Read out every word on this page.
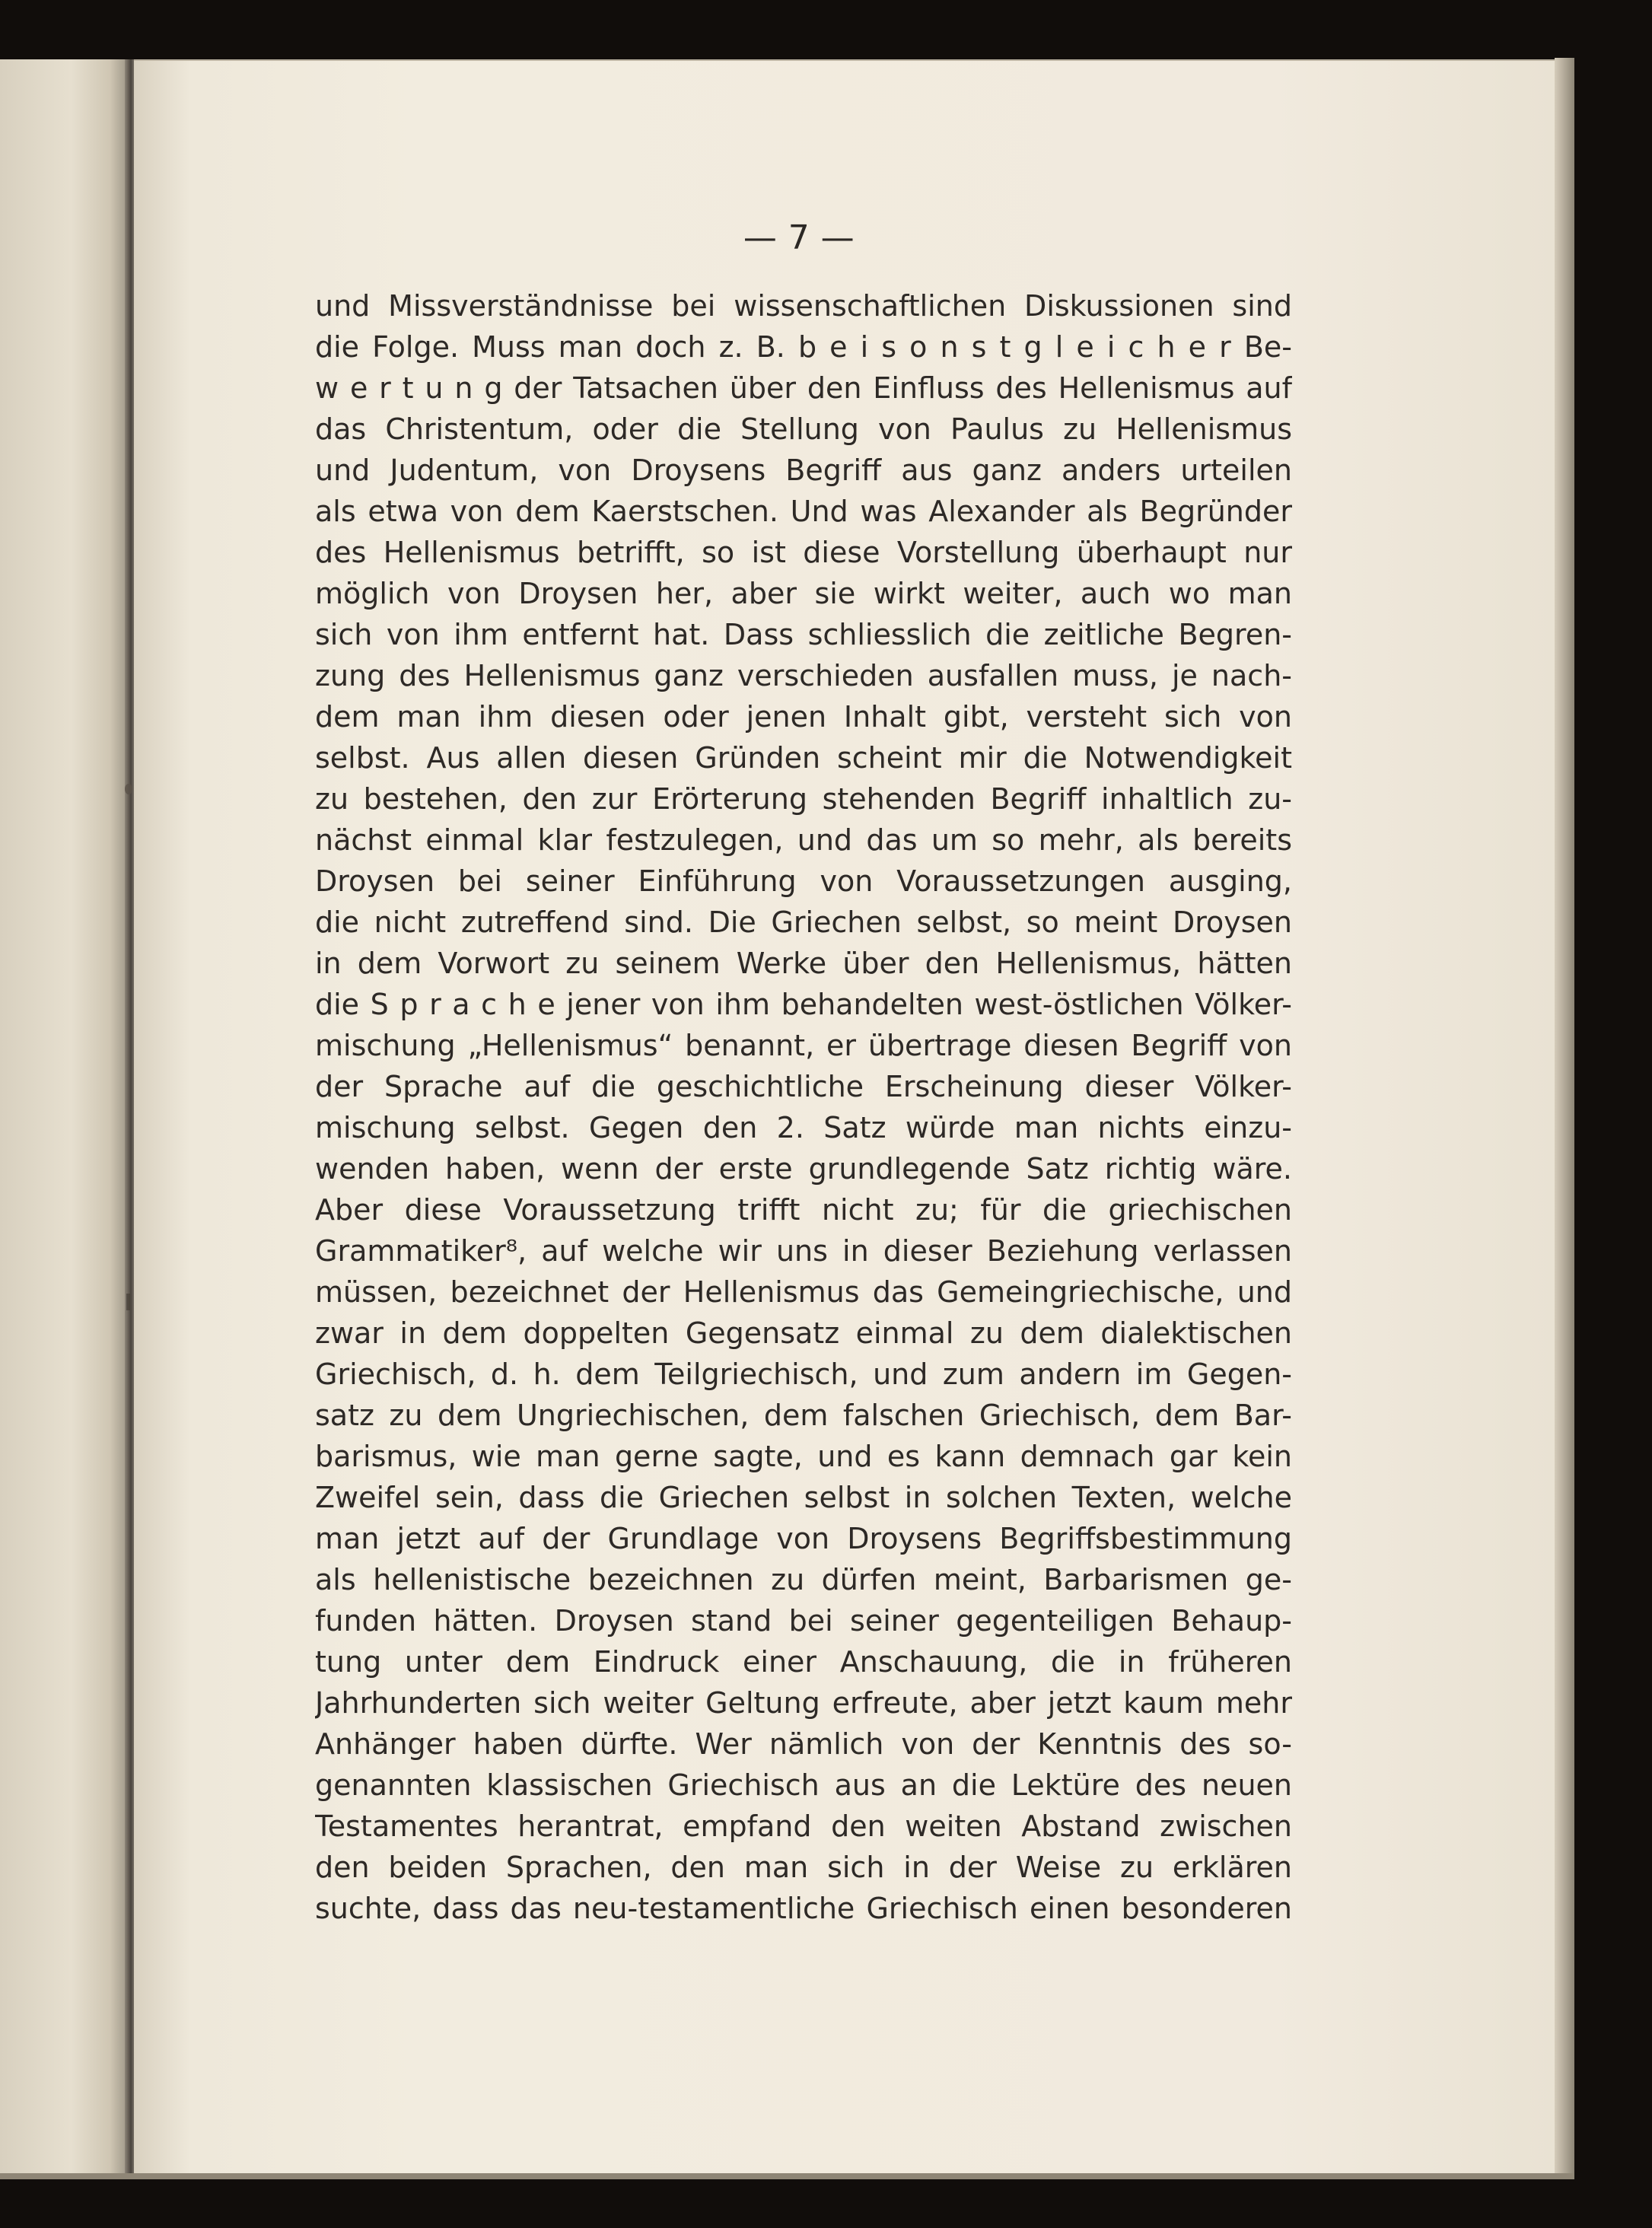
— 7 —
und Missverständnisse bei wissenschaftlichen Diskussionen sind
die Folge. Muss man doch z. B. b e i s o n s t g l e i c h e r Be-
w e r t u n g der Tatsachen über den Einfluss des Hellenismus auf
das Christentum, oder die Stellung von Paulus zu Hellenismus
und Judentum, von Droysens Begriff aus ganz anders urteilen
als etwa von dem Kaerstschen. Und was Alexander als Begründer
des Hellenismus betrifft, so ist diese Vorstellung überhaupt nur
möglich von Droysen her, aber sie wirkt weiter, auch wo man
sich von ihm entfernt hat. Dass schliesslich die zeitliche Begren-
zung des Hellenismus ganz verschieden ausfallen muss, je nach-
dem man ihm diesen oder jenen Inhalt gibt, versteht sich von
selbst. Aus allen diesen Gründen scheint mir die Notwendigkeit
zu bestehen, den zur Erörterung stehenden Begriff inhaltlich zu-
nächst einmal klar festzulegen, und das um so mehr, als bereits
Droysen bei seiner Einführung von Voraussetzungen ausging,
die nicht zutreffend sind. Die Griechen selbst, so meint Droysen
in dem Vorwort zu seinem Werke über den Hellenismus, hätten
die S p r a c h e jener von ihm behandelten west-östlichen Völker-
mischung „Hellenismus“ benannt, er übertrage diesen Begriff von
der Sprache auf die geschichtliche Erscheinung dieser Völker-
mischung selbst. Gegen den 2. Satz würde man nichts einzu-
wenden haben, wenn der erste grundlegende Satz richtig wäre.
Aber diese Voraussetzung trifft nicht zu; für die griechischen
Grammatiker⁸, auf welche wir uns in dieser Beziehung verlassen
müssen, bezeichnet der Hellenismus das Gemeingriechische, und
zwar in dem doppelten Gegensatz einmal zu dem dialektischen
Griechisch, d. h. dem Teilgriechisch, und zum andern im Gegen-
satz zu dem Ungriechischen, dem falschen Griechisch, dem Bar-
barismus, wie man gerne sagte, und es kann demnach gar kein
Zweifel sein, dass die Griechen selbst in solchen Texten, welche
man jetzt auf der Grundlage von Droysens Begriffsbestimmung
als hellenistische bezeichnen zu dürfen meint, Barbarismen ge-
funden hätten. Droysen stand bei seiner gegenteiligen Behaup-
tung unter dem Eindruck einer Anschauung, die in früheren
Jahrhunderten sich weiter Geltung erfreute, aber jetzt kaum mehr
Anhänger haben dürfte. Wer nämlich von der Kenntnis des so-
genannten klassischen Griechisch aus an die Lektüre des neuen
Testamentes herantrat, empfand den weiten Abstand zwischen
den beiden Sprachen, den man sich in der Weise zu erklären
suchte, dass das neu-testamentliche Griechisch einen besonderen
